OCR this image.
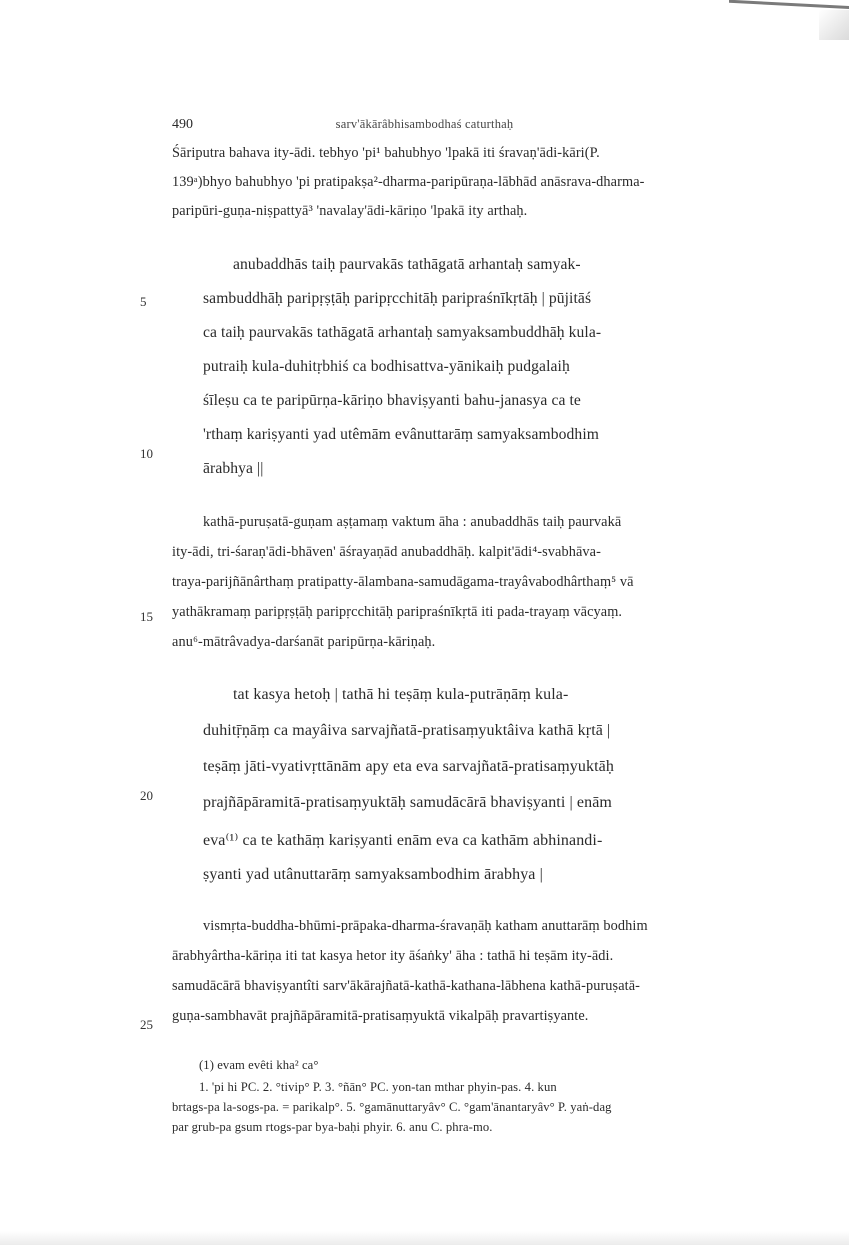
490	sarv'ākārâbhisambodhaś caturthaḥ
Śāriputra bahava ity-ādi. tebhyo 'pi¹ bahubhyo 'lpakā iti śravaṇ'ādi-kāri(P.
139ᵃ)bhyo bahubhyo 'pi pratipakṣa²-dharma-paripūraṇa-lābhād anāsrava-dharma-
paripūri-guṇa-niṣpattyā³ 'navalay'ādi-kāriṇo 'lpakā ity arthaḥ.
anubaddhās taiḥ paurvakās tathāgatā arhantaḥ samyak-
sambuddhāḥ paripṛṣṭāḥ paripṛcchitāḥ paripraśnīkṛtāḥ | pūjitāś
ca taiḥ paurvakās tathāgatā arhantaḥ samyaksambuddhāḥ kula-
putraiḥ kula-duhitṛbhiś ca bodhisattva-yānikaiḥ pudgalaiḥ
śīleṣu ca te paripūrṇa-kāriṇo bhaviṣyanti bahu-janasya ca te
'rthaṃ kariṣyanti yad utêmām evânuttarāṃ samyaksambodhim
ārabhya ||
kathā-puruṣatā-guṇam aṣṭamaṃ vaktum āha : anubaddhās taiḥ paurvakā
ity-ādi, tri-śaraṇ'ādi-bhāven' āśrayaṇād anubaddhāḥ. kalpit'ādi⁴-svabhāva-
traya-parijñānârthaṃ pratipatty-ālambana-samudāgama-trayâvabodhârthaṃ⁵ vā
yathākramaṃ paripṛṣṭāḥ paripṛcchitāḥ paripraśnīkṛtā iti pada-trayaṃ vācyaṃ.
anu⁶-mātrâvadya-darśanāt paripūrṇa-kāriṇaḥ.
tat kasya hetoḥ | tathā hi teṣāṃ kula-putrāṇāṃ kula-
duhitṝṇāṃ ca mayâiva sarvajñatā-pratisaṃyuktâiva kathā kṛtā |
teṣāṃ jāti-vyativṛttānām apy eta eva sarvajñatā-pratisaṃyuktāḥ
prajñāpāramitā-pratisaṃyuktāḥ samudācārā bhaviṣyanti | enām
eva⁽¹⁾ ca te kathāṃ kariṣyanti enām eva ca kathām abhinandi-
ṣyanti yad utânuttarāṃ samyaksambodhim ārabhya |
vismṛta-buddha-bhūmi-prāpaka-dharma-śravaṇāḥ katham anuttarāṃ bodhim
ārabhyârtha-kāriṇa iti tat kasya hetor ity āśaṅky' āha : tathā hi teṣām ity-ādi.
samudācārā bhaviṣyantîti sarv'ākārajñatā-kathā-kathana-lābhena kathā-puruṣatā-
guṇa-sambhavāt prajñāpāramitā-pratisaṃyuktā vikalpāḥ pravartiṣyante.
(1) evam evêti kha² ca°
1. 'pi hi PC. 2. °tivip° P. 3. °ñān° PC. yon-tan mthar phyin-pas. 4. kun
brtags-pa la-sogs-pa. = parikalp°. 5. °gamānuttaryâv° C. °gam'ānantaryâv° P. yaṅ-dag
par grub-pa gsum rtogs-par bya-baḥi phyir. 6. anu C. phra-mo.
5
10
15
20
25
